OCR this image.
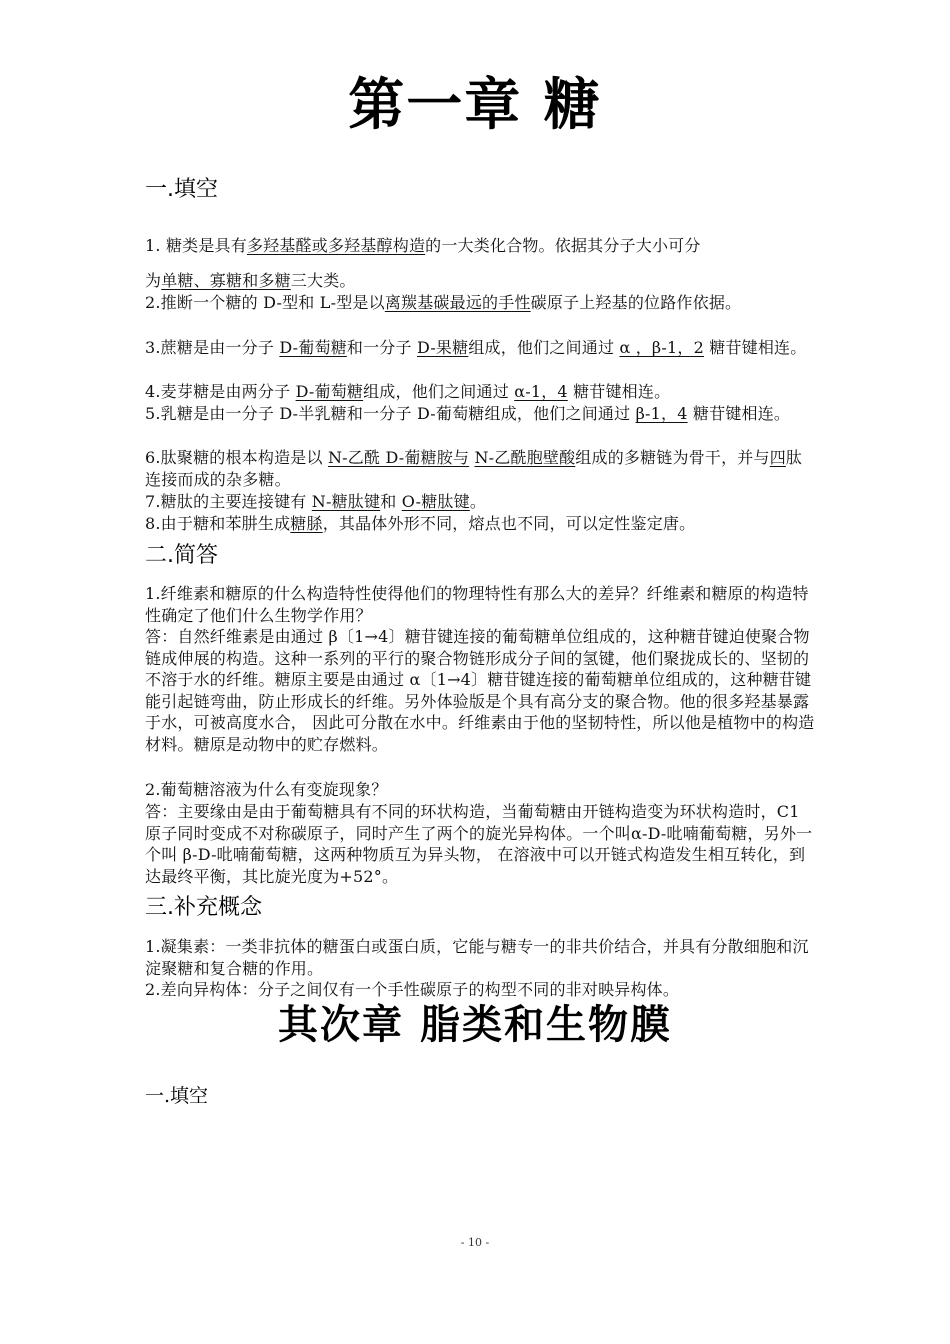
第一章 糖
一.填空
1. 糖类是具有多羟基醛或多羟基醇构造的一大类化合物。依据其分子大小可分
为单糖、寡糖和多糖三大类。
2.推断一个糖的 D-型和 L-型是以离羰基碳最远的手性碳原子上羟基的位路作依据。
3.蔗糖是由一分子 D-葡萄糖和一分子 D-果糖组成，他们之间通过 α ，β-1，2 糖苷键相连。
4.麦芽糖是由两分子 D-葡萄糖组成，他们之间通过 α-1，4 糖苷键相连。
5.乳糖是由一分子 D-半乳糖和一分子 D-葡萄糖组成，他们之间通过 β-1，4 糖苷键相连。
6.肽聚糖的根本构造是以 N-乙酰 D-葡糖胺与 N-乙酰胞壁酸组成的多糖链为骨干，并与四肽连接而成的杂多糖。
7.糖肽的主要连接键有 N-糖肽键和 O-糖肽键。
8.由于糖和苯肼生成糖脎，其晶体外形不同，熔点也不同，可以定性鉴定唐。
二.简答
1.纤维素和糖原的什么构造特性使得他们的物理特性有那么大的差异？纤维素和糖原的构造特性确定了他们什么生物学作用？
答：自然纤维素是由通过 β〔1→4〕糖苷键连接的葡萄糖单位组成的，这种糖苷键迫使聚合物链成伸展的构造。这种一系列的平行的聚合物链形成分子间的氢键，他们聚拢成长的、坚韧的不溶于水的纤维。糖原主要是由通过 α〔1→4〕糖苷键连接的葡萄糖单位组成的，这种糖苷键能引起链弯曲，防止形成长的纤维。另外体验版是个具有高分支的聚合物。他的很多羟基暴露于水，可被高度水合， 因此可分散在水中。纤维素由于他的坚韧特性，所以他是植物中的构造材料。糖原是动物中的贮存燃料。
2.葡萄糖溶液为什么有变旋现象？
答：主要缘由是由于葡萄糖具有不同的环状构造，当葡萄糖由开链构造变为环状构造时，C1 原子同时变成不对称碳原子，同时产生了两个的旋光异构体。一个叫α-D-吡喃葡萄糖，另外一个叫 β-D-吡喃葡萄糖，这两种物质互为异头物， 在溶液中可以开链式构造发生相互转化，到达最终平衡，其比旋光度为+52°。
三.补充概念
1.凝集素：一类非抗体的糖蛋白或蛋白质，它能与糖专一的非共价结合，并具有分散细胞和沉淀聚糖和复合糖的作用。
2.差向异构体：分子之间仅有一个手性碳原子的构型不同的非对映异构体。
其次章 脂类和生物膜
一.填空
- 10 -
